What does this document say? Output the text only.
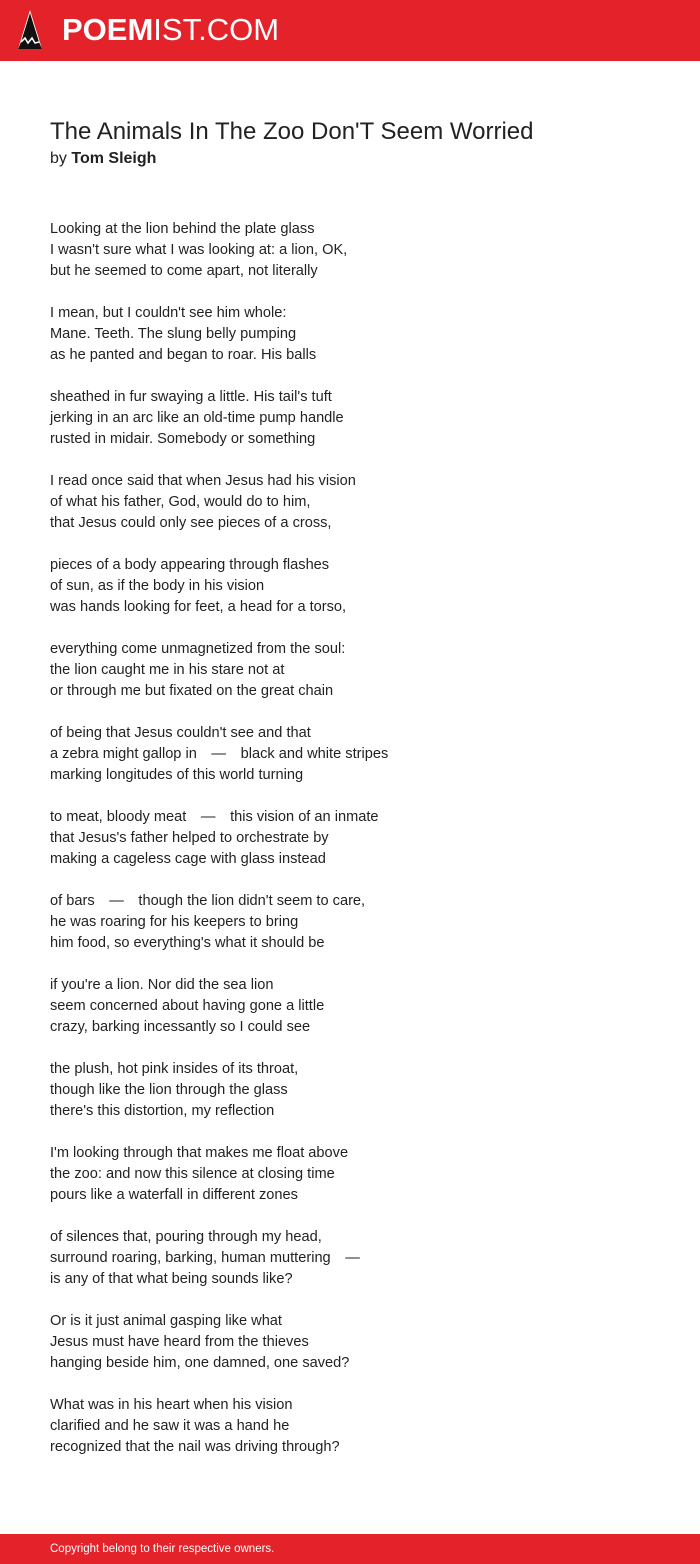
POEMIST.COM
The Animals In The Zoo Don'T Seem Worried
by Tom Sleigh
Looking at the lion behind the plate glass
I wasn't sure what I was looking at: a lion, OK,
but he seemed to come apart, not literally
I mean, but I couldn't see him whole:
Mane. Teeth. The slung belly pumping
as he panted and began to roar. His balls
sheathed in fur swaying a little. His tail's tuft
jerking in an arc like an old-time pump handle
rusted in midair. Somebody or something
I read once said that when Jesus had his vision
of what his father, God, would do to him,
that Jesus could only see pieces of a cross,
pieces of a body appearing through flashes
of sun, as if the body in his vision
was hands looking for feet, a head for a torso,
everything come unmagnetized from the soul:
the lion caught me in his stare not at
or through me but fixated on the great chain
of being that Jesus couldn't see and that
a zebra might gallop in — black and white stripes
marking longitudes of this world turning
to meat, bloody meat — this vision of an inmate
that Jesus's father helped to orchestrate by
making a cageless cage with glass instead
of bars — though the lion didn't seem to care,
he was roaring for his keepers to bring
him food, so everything's what it should be
if you're a lion. Nor did the sea lion
seem concerned about having gone a little
crazy, barking incessantly so I could see
the plush, hot pink insides of its throat,
though like the lion through the glass
there's this distortion, my reflection
I'm looking through that makes me float above
the zoo: and now this silence at closing time
pours like a waterfall in different zones
of silences that, pouring through my head,
surround roaring, barking, human muttering — 
is any of that what being sounds like?
Or is it just animal gasping like what
Jesus must have heard from the thieves
hanging beside him, one damned, one saved?
What was in his heart when his vision
clarified and he saw it was a hand he
recognized that the nail was driving through?
Copyright belong to their respective owners.
